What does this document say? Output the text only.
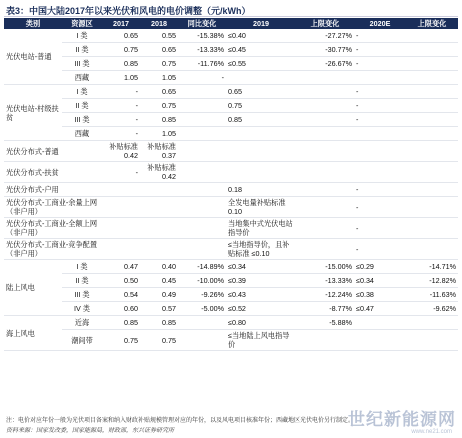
表3：中国大陆2017年以来光伏和风电的电价调整（元/kWh）
类别	资源区	2017	2018	同比变化	2019	上限变化	2020E	上限变化
光伏电站-普通	I 类	0.65	0.55	-15.38%	≤0.40	-27.27%	-	
	II 类	0.75	0.65	-13.33%	≤0.45	-30.77%	-	
	III 类	0.85	0.75	-11.76%	≤0.55	-26.67%	-	
	西藏	1.05	1.05	-				
光伏电站-村级扶贫	I 类	-	0.65		0.65		-	
	II 类	-	0.75		0.75		-	
	III 类	-	0.85		0.85		-	
	西藏	-	1.05					
光伏分布式-普通		补贴标准 0.42	补贴标准 0.37					
光伏分布式-扶贫		-	补贴标准 0.42					
光伏分布式-户用					0.18		-	
光伏分布式-工商业-余量上网（非户用）					全发电量补贴标准 0.10		-	
光伏分布式-工商业-全额上网（非户用）					当地集中式光伏电站指导价		-	
光伏分布式-工商业-竞争配置（非户用）					≤当地指导价，且补贴标准 ≤0.10		-	
陆上风电	I 类	0.47	0.40	-14.89%	≤0.34	-15.00%	≤0.29	-14.71%
	II 类	0.50	0.45	-10.00%	≤0.39	-13.33%	≤0.34	-12.82%
	III 类	0.54	0.49	-9.26%	≤0.43	-12.24%	≤0.38	-11.63%
	IV 类	0.60	0.57	-5.00%	≤0.52	-8.77%	≤0.47	-9.62%
海上风电	近海	0.85	0.85		≤0.80	-5.88%		
	潮间带	0.75	0.75		≤当地陆上风电指导价			
注：电价对应年份一般为光伏项目备案和纳入财政补贴规模管理对应的年份，以及风电项目核准年份；西藏地区光伏电价另行制定。
资料来源：国家发改委，国家能源局，财政部，东兴证券研究所
世纪新能源网
www.ne21.com
